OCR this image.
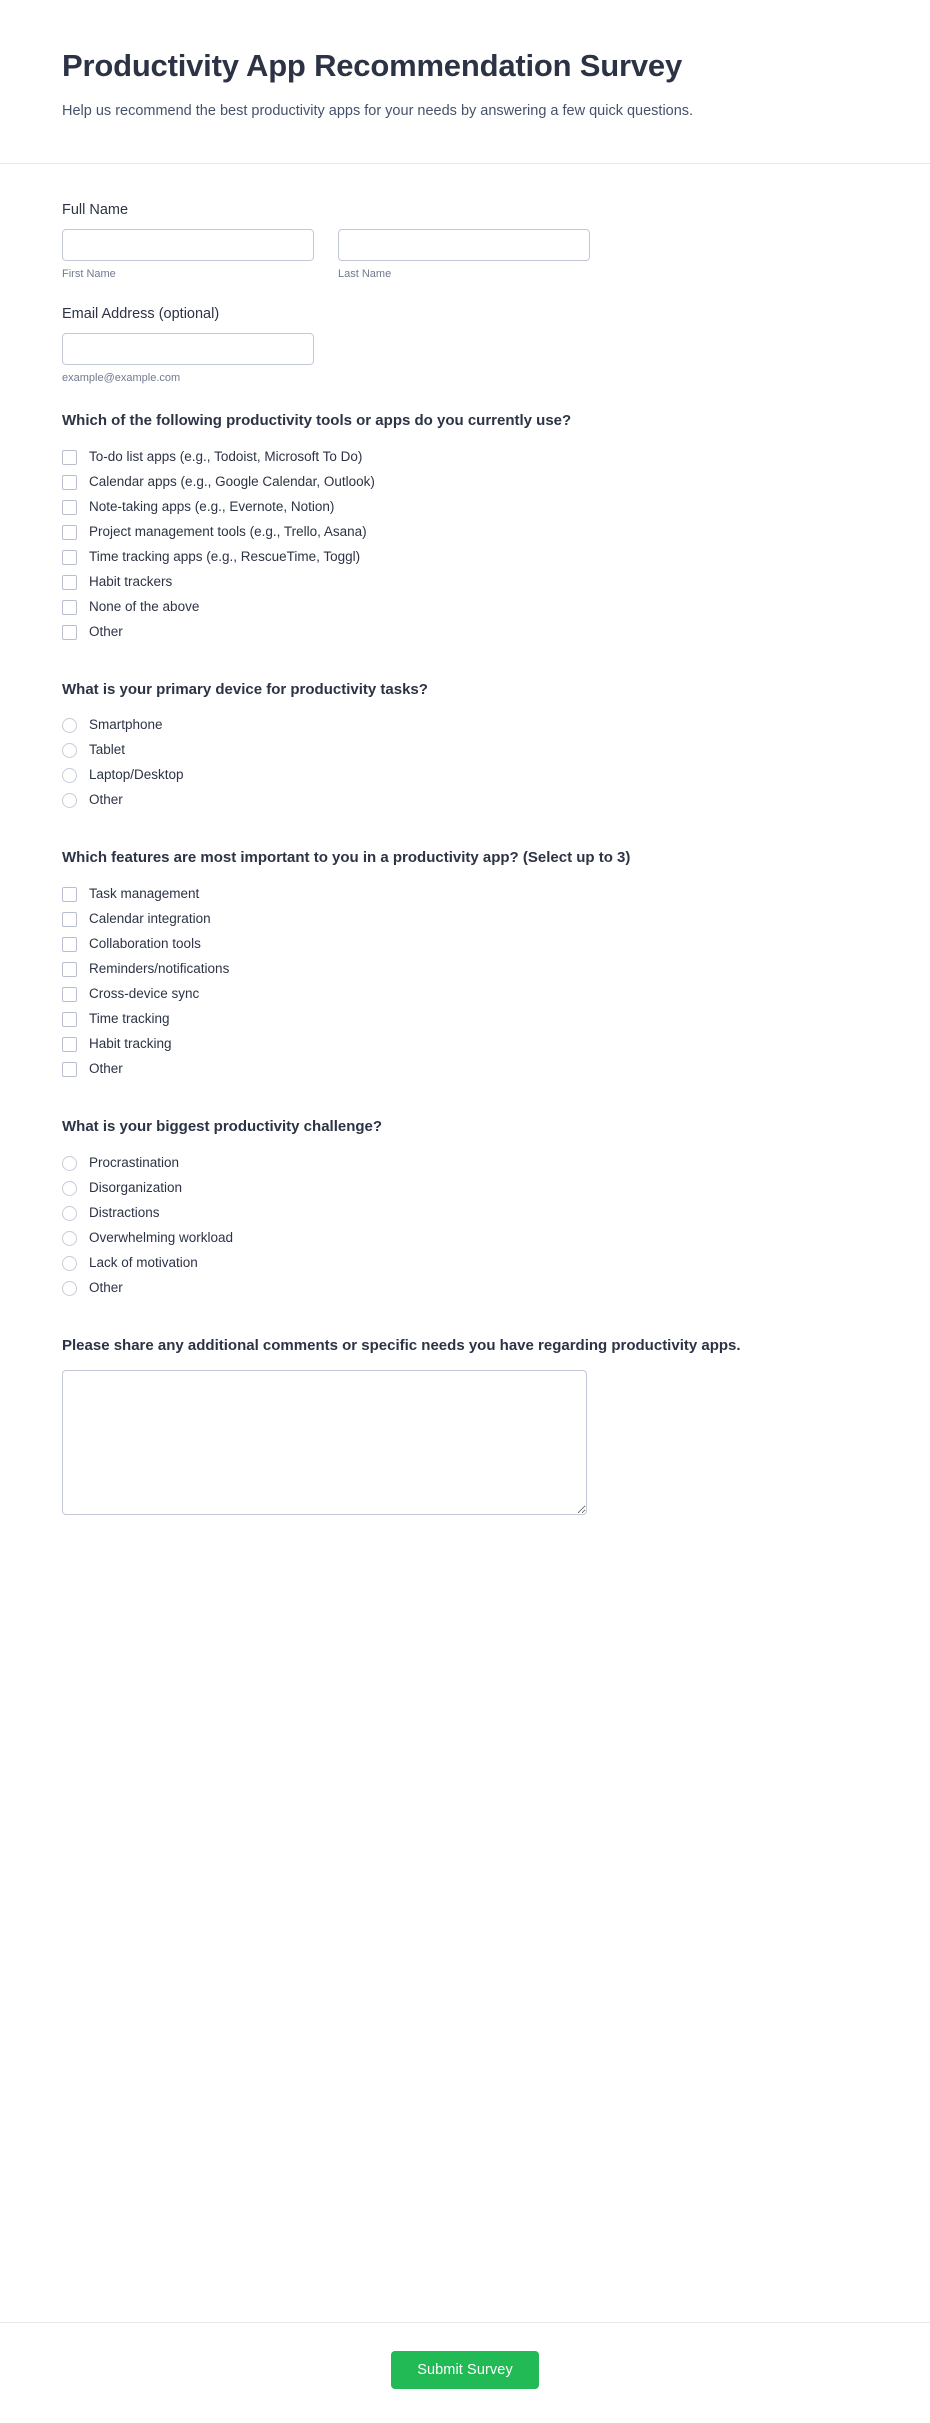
Productivity App Recommendation Survey

Help us recommend the best productivity apps for your needs by answering a few quick questions.

Full Name
First Name	Last Name
Email Address (optional)
example@example.com
Which of the following productivity tools or apps do you currently use?
To-do list apps (e.g., Todoist, Microsoft To Do)
Calendar apps (e.g., Google Calendar, Outlook)
Note-taking apps (e.g., Evernote, Notion)
Project management tools (e.g., Trello, Asana)
Time tracking apps (e.g., RescueTime, Toggl)
Habit trackers
None of the above
Other
What is your primary device for productivity tasks?
Smartphone
Tablet
Laptop/Desktop
Other
Which features are most important to you in a productivity app? (Select up to 3)
Task management
Calendar integration
Collaboration tools
Reminders/notifications
Cross-device sync
Time tracking
Habit tracking
Other
What is your biggest productivity challenge?
Procrastination
Disorganization
Distractions
Overwhelming workload
Lack of motivation
Other
Please share any additional comments or specific needs you have regarding productivity apps.
Submit Survey
